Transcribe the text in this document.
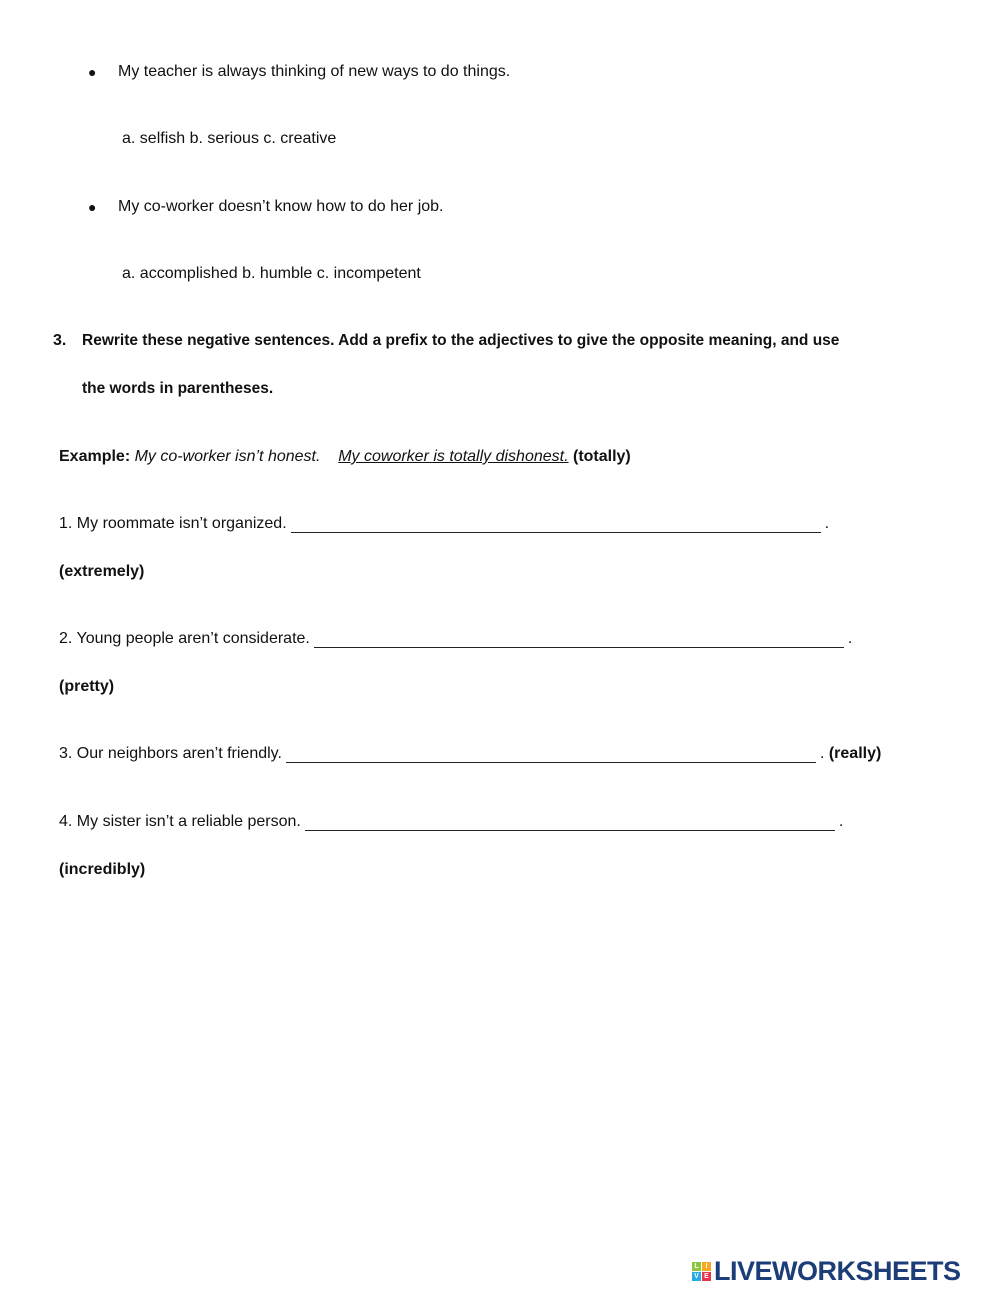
● My teacher is always thinking of new ways to do things.
a. selfish b. serious c. creative
● My co-worker doesn’t know how to do her job.
a. accomplished b. humble c. incompetent
3. Rewrite these negative sentences. Add a prefix to the adjectives to give the opposite meaning, and use
the words in parentheses.
Example: My co-worker isn’t honest. My coworker is totally dishonest. (totally)
1. My roommate isn’t organized.	.
(extremely)
2. Young people aren’t considerate.	.
(pretty)
3. Our neighbors aren’t friendly.	. (really)
4. My sister isn’t a reliable person.	.
(incredibly)
L I
V E LIVEWORKSHEETS
